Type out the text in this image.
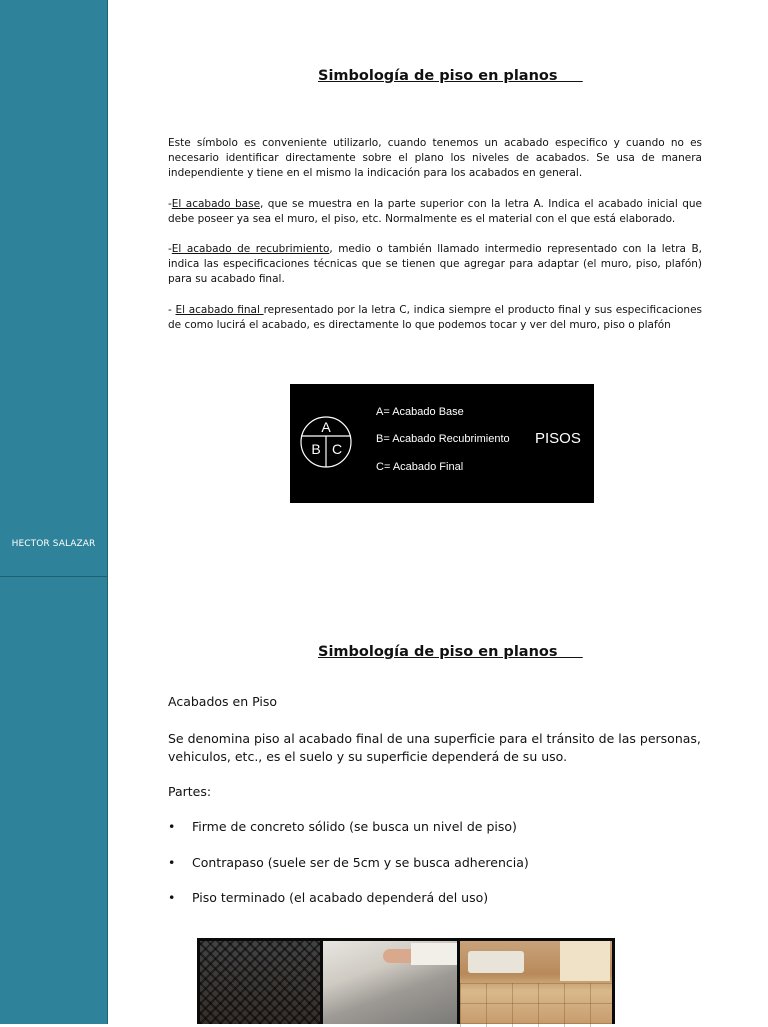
HECTOR SALAZAR
Simbología de piso en planos

Este símbolo es conveniente utilizarlo, cuando tenemos un acabado especifico y cuando no es necesario identificar directamente sobre el plano los niveles de acabados. Se usa de manera independiente y tiene en el mismo la indicación para los acabados en general.

-El acabado base, que se muestra en la parte superior con la letra A. Indica el acabado inicial que debe poseer ya sea el muro, el piso, etc. Normalmente es el material con el que está elaborado.

-El acabado de recubrimiento, medio o también llamado intermedio representado con la letra B, indica las especificaciones técnicas que se tienen que agregar para adaptar (el muro, piso, plafón) para su acabado final.

- El acabado final representado por la letra C, indica siempre el producto final y sus especificaciones de como lucirá el acabado, es directamente lo que podemos tocar y ver del muro, piso o plafón

A
B C
A= Acabado Base
B= Acabado Recubrimiento
C= Acabado Final
PISOS
Simbología de piso en planos

Acabados en Piso

Se denomina piso al acabado final de una superficie para el tránsito de las personas, vehiculos, etc., es el suelo y su superficie dependerá de su uso.

Partes:

• Firme de concreto sólido (se busca un nivel de piso)
• Contrapaso (suele ser de 5cm y se busca adherencia)
• Piso terminado (el acabado dependerá del uso)
